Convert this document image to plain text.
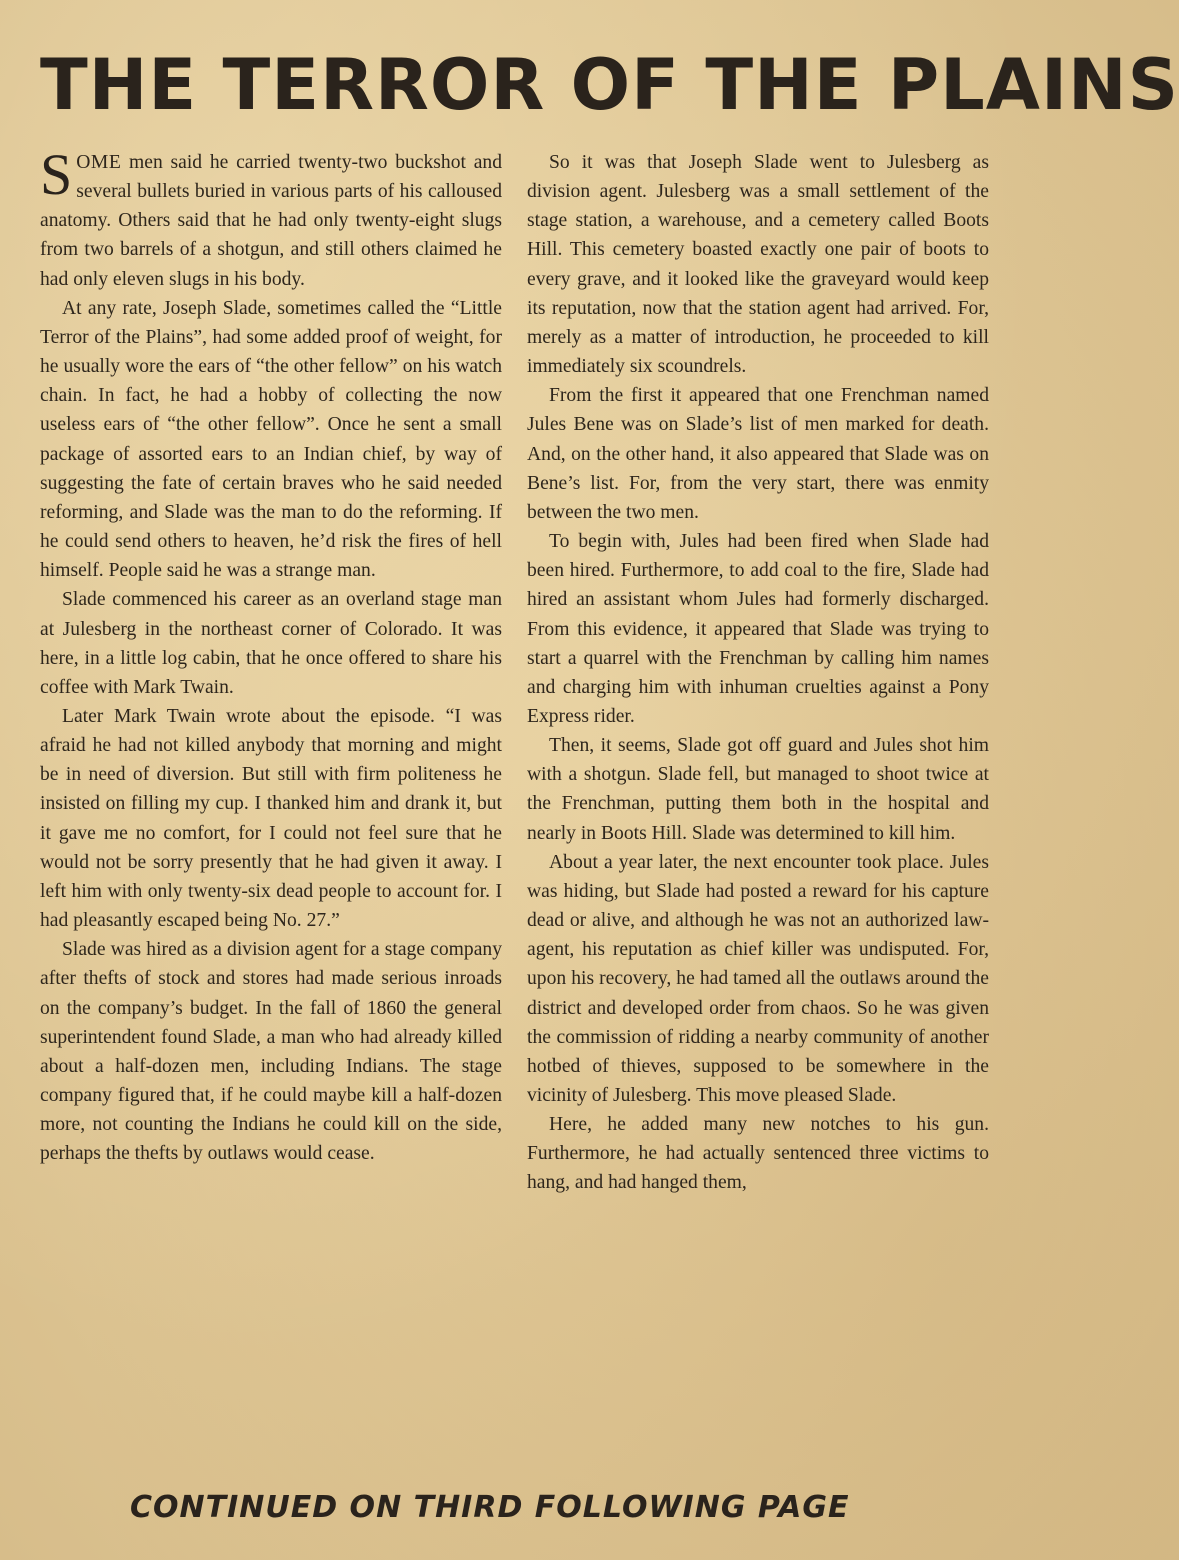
THE TERROR OF THE PLAINS

SOME men said he carried twenty-two buckshot and several bullets buried in various parts of his calloused anatomy. Others said that he had only twenty-eight slugs from two barrels of a shotgun, and still others claimed he had only eleven slugs in his body.

At any rate, Joseph Slade, sometimes called the “Little Terror of the Plains”, had some added proof of weight, for he usually wore the ears of “the other fellow” on his watch chain. In fact, he had a hobby of collecting the now useless ears of “the other fellow”. Once he sent a small package of assorted ears to an Indian chief, by way of suggesting the fate of certain braves who he said needed reforming, and Slade was the man to do the reforming. If he could send others to heaven, he’d risk the fires of hell himself. People said he was a strange man.

Slade commenced his career as an overland stage man at Julesberg in the northeast corner of Colorado. It was here, in a little log cabin, that he once offered to share his coffee with Mark Twain.

Later Mark Twain wrote about the episode. “I was afraid he had not killed anybody that morning and might be in need of diversion. But still with firm politeness he insisted on filling my cup. I thanked him and drank it, but it gave me no comfort, for I could not feel sure that he would not be sorry presently that he had given it away. I left him with only twenty-six dead people to account for. I had pleasantly escaped being No. 27.”

Slade was hired as a division agent for a stage company after thefts of stock and stores had made serious inroads on the company’s budget. In the fall of 1860 the general superintendent found Slade, a man who had already killed about a half-dozen men, including Indians. The stage company figured that, if he could maybe kill a half-dozen more, not counting the Indians he could kill on the side, perhaps the thefts by outlaws would cease.

So it was that Joseph Slade went to Julesberg as division agent. Julesberg was a small settlement of the stage station, a warehouse, and a cemetery called Boots Hill. This cemetery boasted exactly one pair of boots to every grave, and it looked like the graveyard would keep its reputation, now that the station agent had arrived. For, merely as a matter of introduction, he proceeded to kill immediately six scoundrels.

From the first it appeared that one Frenchman named Jules Bene was on Slade’s list of men marked for death. And, on the other hand, it also appeared that Slade was on Bene’s list. For, from the very start, there was enmity between the two men.

To begin with, Jules had been fired when Slade had been hired. Furthermore, to add coal to the fire, Slade had hired an assistant whom Jules had formerly discharged. From this evidence, it appeared that Slade was trying to start a quarrel with the Frenchman by calling him names and charging him with inhuman cruelties against a Pony Express rider.

Then, it seems, Slade got off guard and Jules shot him with a shotgun. Slade fell, but managed to shoot twice at the Frenchman, putting them both in the hospital and nearly in Boots Hill. Slade was determined to kill him.

About a year later, the next encounter took place. Jules was hiding, but Slade had posted a reward for his capture dead or alive, and although he was not an authorized law-agent, his reputation as chief killer was undisputed. For, upon his recovery, he had tamed all the outlaws around the district and developed order from chaos. So he was given the commission of ridding a nearby community of another hotbed of thieves, supposed to be somewhere in the vicinity of Julesberg. This move pleased Slade.

Here, he added many new notches to his gun. Furthermore, he had actually sentenced three victims to hang, and had hanged them,

CONTINUED ON THIRD FOLLOWING PAGE
